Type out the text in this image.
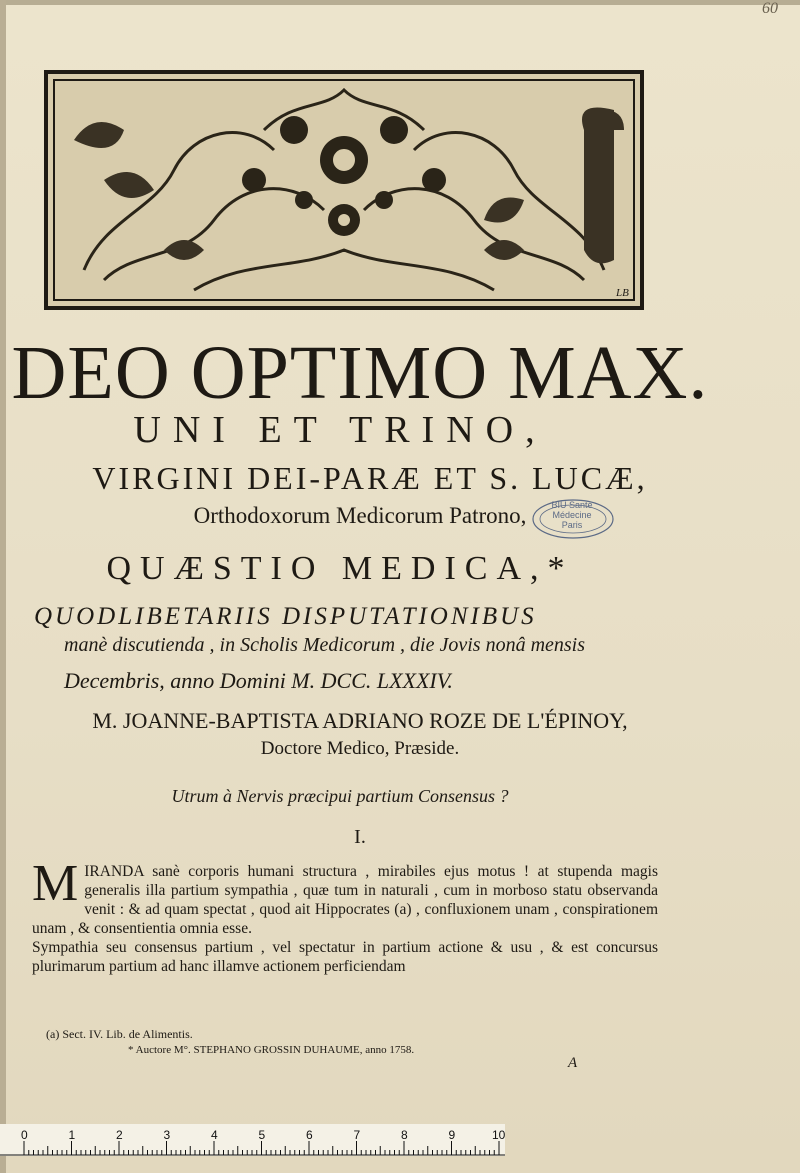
60
LB
DEO OPTIMO MAX.
UNI ET TRINO,
VIRGINI DEI-PARÆ ET S. LUCÆ,
Orthodoxorum Medicorum Patrono,	BIU Santé
Médecine
Paris
QUÆSTIO MEDICA,*
QUODLIBETARIIS DISPUTATIONIBUS
manè discutienda , in Scholis Medicorum , die Jovis nonâ mensis
Decembris, anno Domini M. DCC. LXXXIV.
M. JOANNE-BAPTISTA ADRIANO ROZE DE L'ÉPINOY,
Doctore Medico, Præside.
Utrum à Nervis præcipui partium Consensus ?
I.
MIRANDA sanè corporis humani structura , mirabiles ejus motus ! at stupenda magis generalis illa partium sympathia , quæ tum in naturali , cum in morboso statu observanda venit : & ad quam spectat , quod ait Hippocrates (a) , confluxionem unam , conspirationem unam , & consentientia omnia esse.
Sympathia seu consensus partium , vel spectatur in partium actione & usu , & est concursus plurimarum partium ad hanc illamve actionem perficiendam
(a) Sect. IV. Lib. de Alimentis.
* Auctore M°. STEPHANO GROSSIN DUHAUME, anno 1758.
A
0	1	2	3	4	5	6	7	8	9	10
